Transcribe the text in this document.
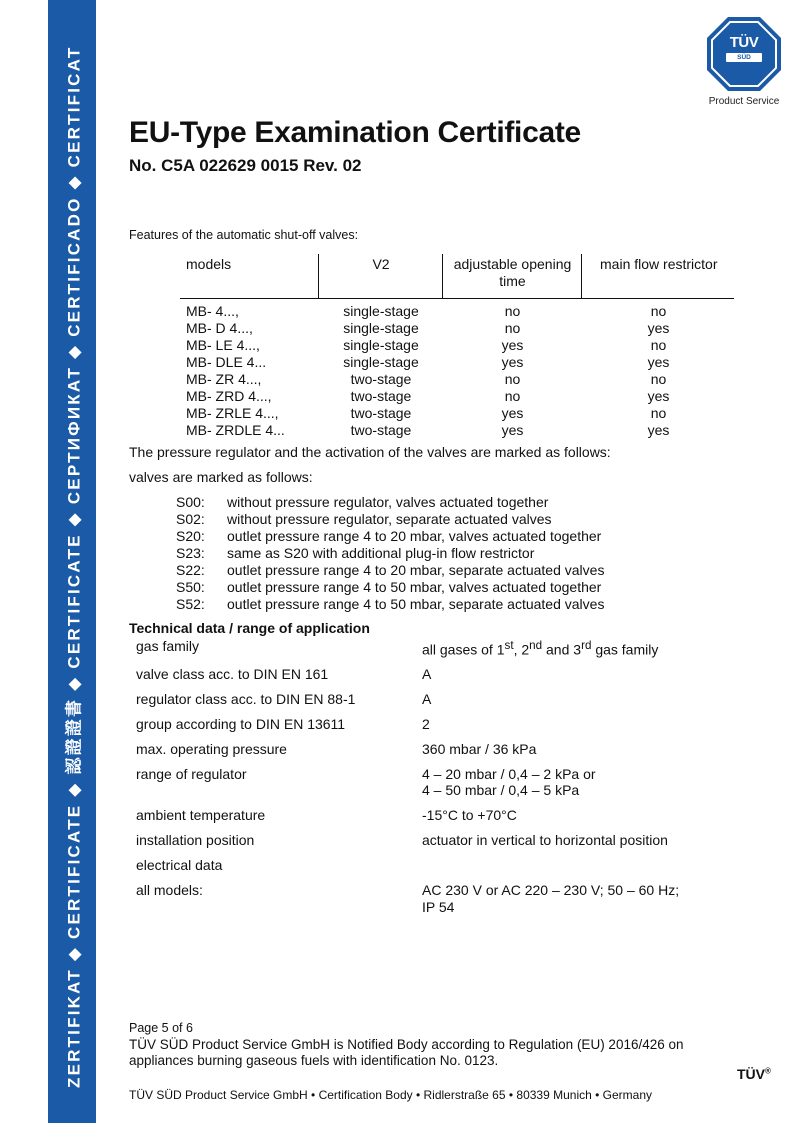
ZERTIFIKAT ◆ CERTIFICATE ◆ 認證證書 ◆ CERTIFICATE ◆ СЕРТИФИКАТ ◆ CERTIFICADO ◆ CERTIFICAT
TÜV
SÜD
Product Service
EU-Type Examination Certificate
No. C5A 022629 0015 Rev. 02
Features of the automatic shut-off valves:
models	V2	adjustable opening time	main flow restrictor
MB- 4...,	single-stage	no	no
MB- D 4...,	single-stage	no	yes
MB- LE 4...,	single-stage	yes	no
MB- DLE 4...	single-stage	yes	yes
MB- ZR 4...,	two-stage	no	no
MB- ZRD 4...,	two-stage	no	yes
MB- ZRLE 4...,	two-stage	yes	no
MB- ZRDLE 4...	two-stage	yes	yes
The pressure regulator and the activation of the valves are marked as follows:
valves are marked as follows:
S00: without pressure regulator, valves actuated together
S02: without pressure regulator, separate actuated valves
S20: outlet pressure range 4 to 20 mbar, valves actuated together
S23: same as S20 with additional plug-in flow restrictor
S22: outlet pressure range 4 to 20 mbar, separate actuated valves
S50: outlet pressure range 4 to 50 mbar, valves actuated together
S52: outlet pressure range 4 to 50 mbar, separate actuated valves
Technical data / range of application
gas family	all gases of 1st, 2nd and 3rd gas family
valve class acc. to DIN EN 161	A
regulator class acc. to DIN EN 88-1	A
group according to DIN EN 13611	2
max. operating pressure	360 mbar / 36 kPa
range of regulator	4 – 20 mbar / 0,4 – 2 kPa or
4 – 50 mbar / 0,4 – 5 kPa
ambient temperature	-15°C to +70°C
installation position	actuator in vertical to horizontal position
electrical data
all models:	AC 230 V or AC 220 – 230 V; 50 – 60 Hz;
IP 54
Page 5 of 6
TÜV SÜD Product Service GmbH is Notified Body according to Regulation (EU) 2016/426 on
appliances burning gaseous fuels with identification No. 0123.
TÜV®
TÜV SÜD Product Service GmbH • Certification Body • Ridlerstraße 65 • 80339 Munich • Germany
